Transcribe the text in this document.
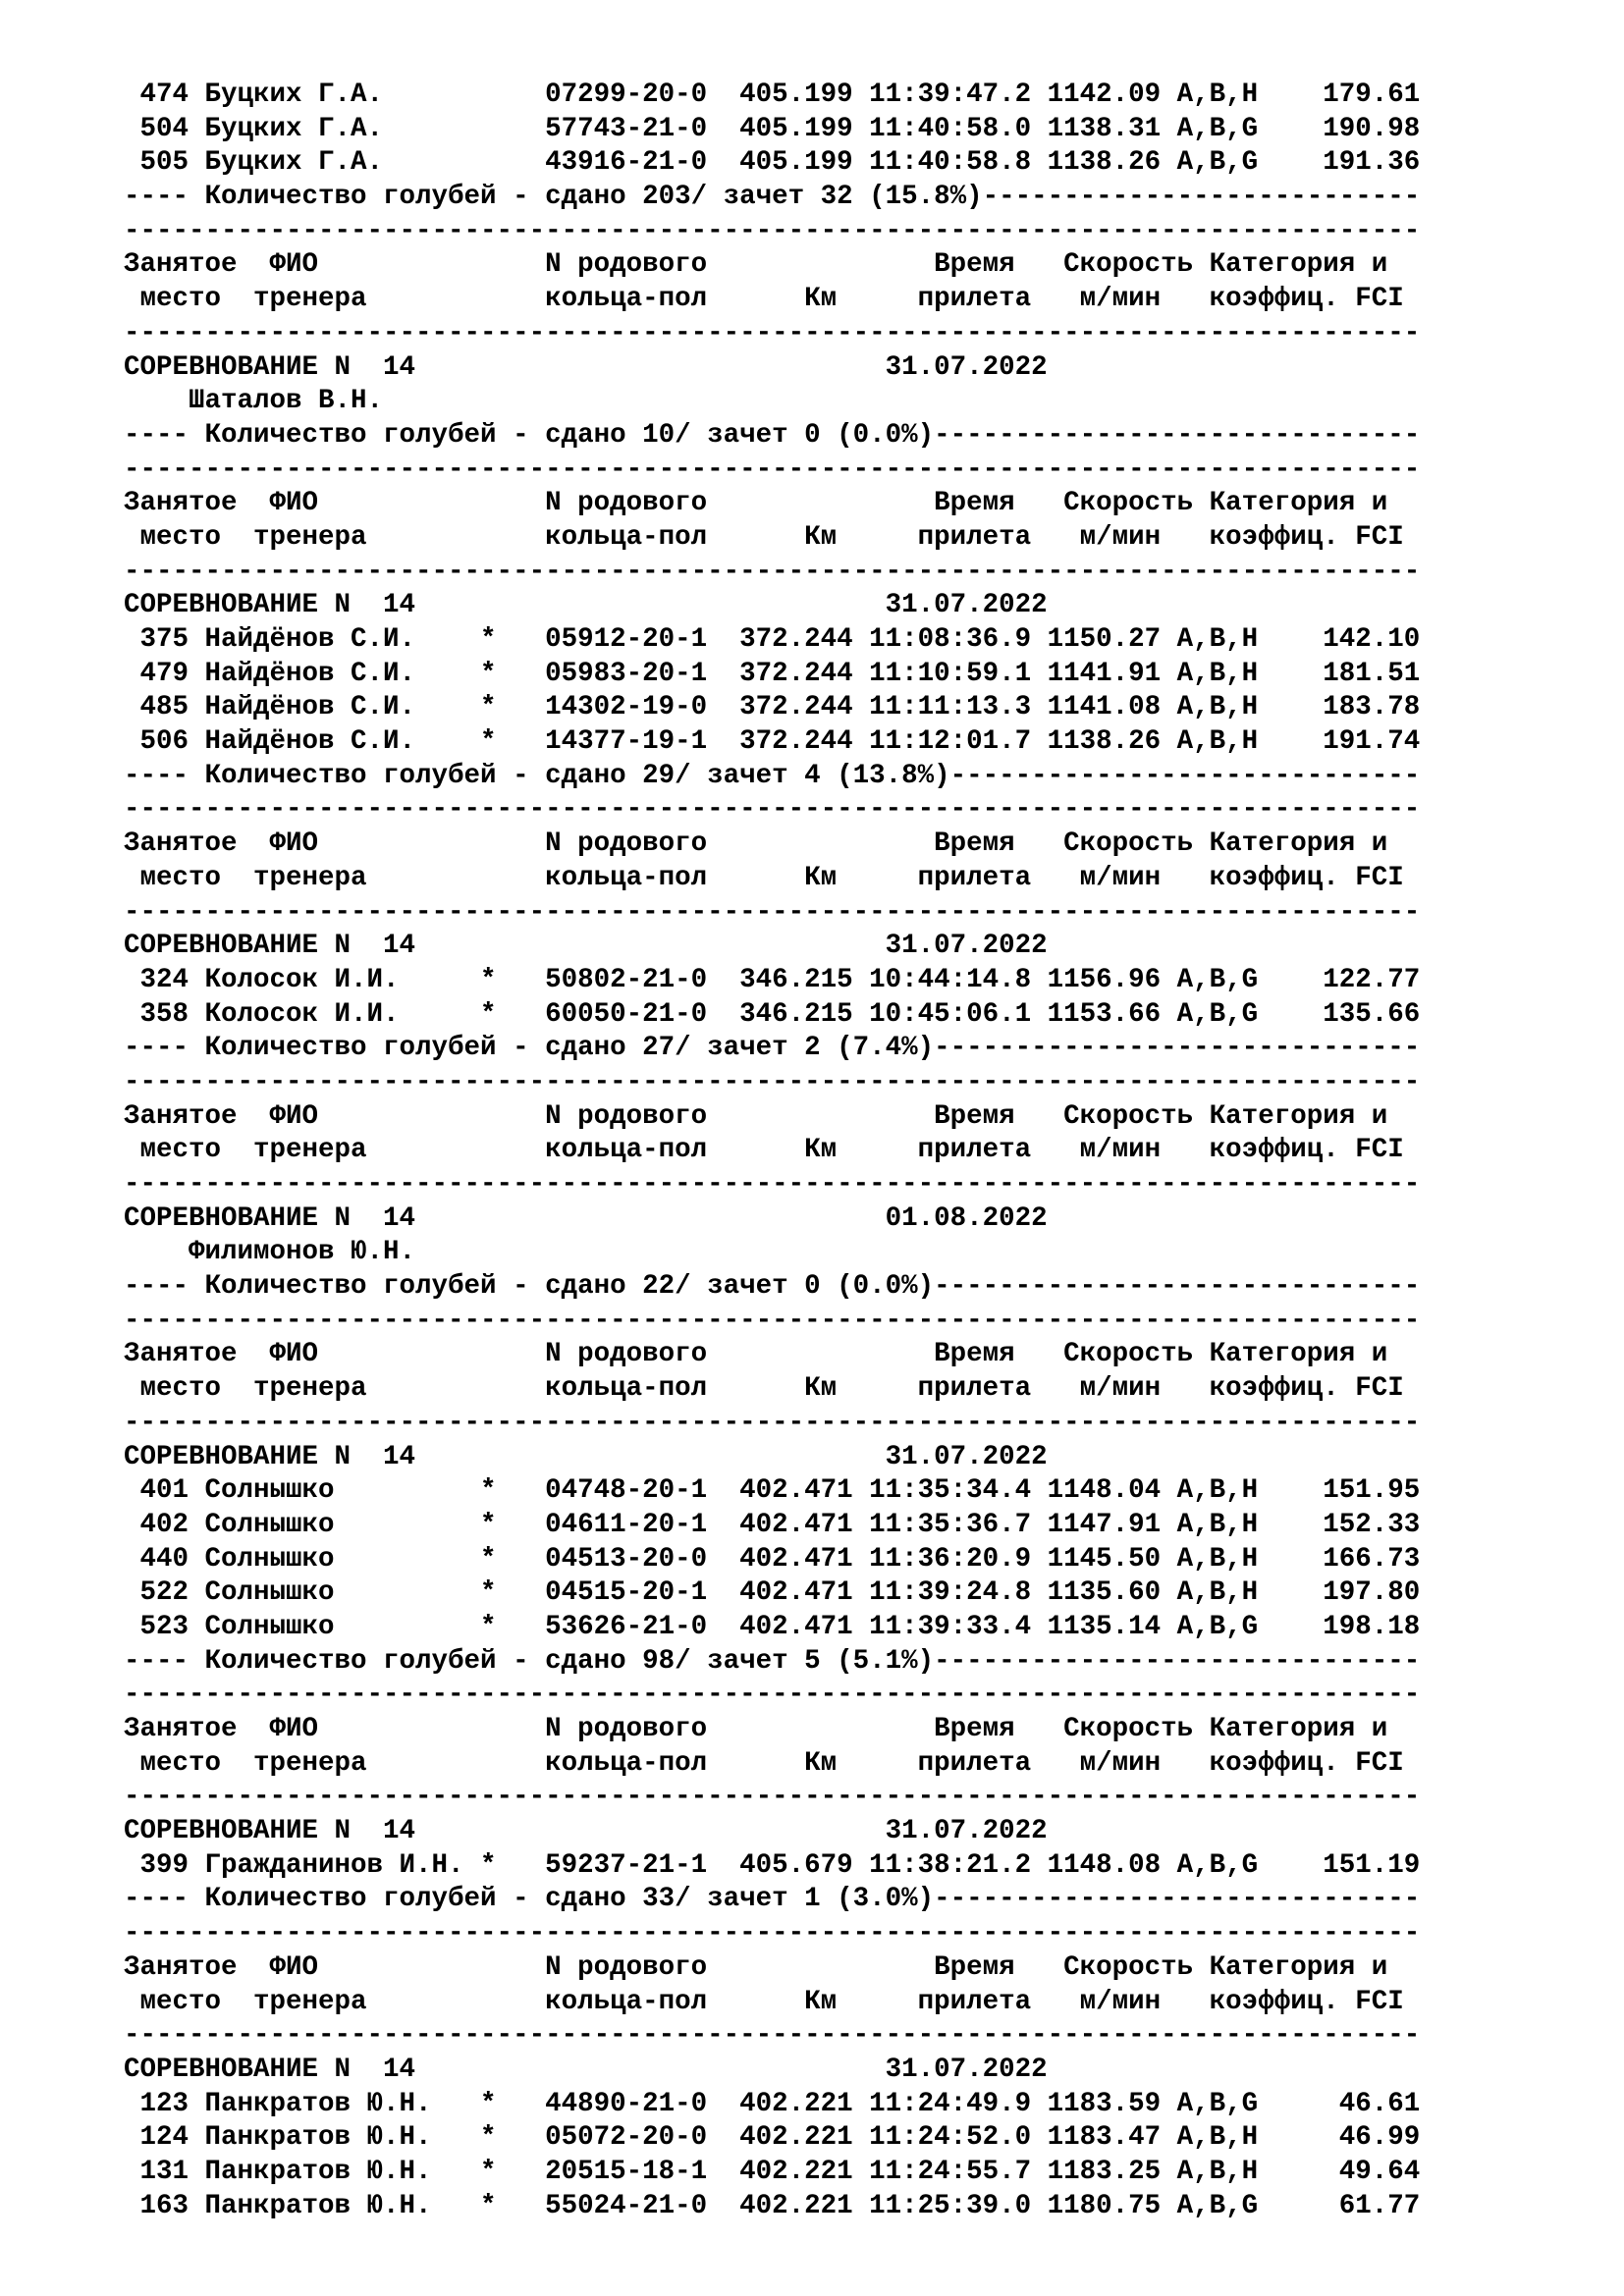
474 Буцких Г.А.          07299-20-0  405.199 11:39:47.2 1142.09 A,B,H    179.61
504 Буцких Г.А.          57743-21-0  405.199 11:40:58.0 1138.31 A,B,G    190.98
505 Буцких Г.А.          43916-21-0  405.199 11:40:58.8 1138.26 A,B,G    191.36
---- Количество голубей - сдано 203/ зачет 32 (15.8%)---------------------------
--------------------------------------------------------------------------------
Занятое  ФИО              N родового              Время   Скорость Категория и
место  тренера           кольца-пол      Км     прилета   м/мин   коэффиц. FCI
--------------------------------------------------------------------------------
СОРЕВНОВАНИЕ N  14                             31.07.2022
Шаталов В.Н.
---- Количество голубей - сдано 10/ зачет 0 (0.0%)------------------------------
--------------------------------------------------------------------------------
Занятое  ФИО              N родового              Время   Скорость Категория и
место  тренера           кольца-пол      Км     прилета   м/мин   коэффиц. FCI
--------------------------------------------------------------------------------
СОРЕВНОВАНИЕ N  14                             31.07.2022
375 Найдёнов С.И.    *   05912-20-1  372.244 11:08:36.9 1150.27 A,B,H    142.10
479 Найдёнов С.И.    *   05983-20-1  372.244 11:10:59.1 1141.91 A,B,H    181.51
485 Найдёнов С.И.    *   14302-19-0  372.244 11:11:13.3 1141.08 A,B,H    183.78
506 Найдёнов С.И.    *   14377-19-1  372.244 11:12:01.7 1138.26 A,B,H    191.74
---- Количество голубей - сдано 29/ зачет 4 (13.8%)-----------------------------
--------------------------------------------------------------------------------
Занятое  ФИО              N родового              Время   Скорость Категория и
место  тренера           кольца-пол      Км     прилета   м/мин   коэффиц. FCI
--------------------------------------------------------------------------------
СОРЕВНОВАНИЕ N  14                             31.07.2022
324 Колосок И.И.     *   50802-21-0  346.215 10:44:14.8 1156.96 A,B,G    122.77
358 Колосок И.И.     *   60050-21-0  346.215 10:45:06.1 1153.66 A,B,G    135.66
---- Количество голубей - сдано 27/ зачет 2 (7.4%)------------------------------
--------------------------------------------------------------------------------
Занятое  ФИО              N родового              Время   Скорость Категория и
место  тренера           кольца-пол      Км     прилета   м/мин   коэффиц. FCI
--------------------------------------------------------------------------------
СОРЕВНОВАНИЕ N  14                             01.08.2022
Филимонов Ю.Н.
---- Количество голубей - сдано 22/ зачет 0 (0.0%)------------------------------
--------------------------------------------------------------------------------
Занятое  ФИО              N родового              Время   Скорость Категория и
место  тренера           кольца-пол      Км     прилета   м/мин   коэффиц. FCI
--------------------------------------------------------------------------------
СОРЕВНОВАНИЕ N  14                             31.07.2022
401 Солнышко         *   04748-20-1  402.471 11:35:34.4 1148.04 A,B,H    151.95
402 Солнышко         *   04611-20-1  402.471 11:35:36.7 1147.91 A,B,H    152.33
440 Солнышко         *   04513-20-0  402.471 11:36:20.9 1145.50 A,B,H    166.73
522 Солнышко         *   04515-20-1  402.471 11:39:24.8 1135.60 A,B,H    197.80
523 Солнышко         *   53626-21-0  402.471 11:39:33.4 1135.14 A,B,G    198.18
---- Количество голубей - сдано 98/ зачет 5 (5.1%)------------------------------
--------------------------------------------------------------------------------
Занятое  ФИО              N родового              Время   Скорость Категория и
место  тренера           кольца-пол      Км     прилета   м/мин   коэффиц. FCI
--------------------------------------------------------------------------------
СОРЕВНОВАНИЕ N  14                             31.07.2022
399 Гражданинов И.Н. *   59237-21-1  405.679 11:38:21.2 1148.08 A,B,G    151.19
---- Количество голубей - сдано 33/ зачет 1 (3.0%)------------------------------
--------------------------------------------------------------------------------
Занятое  ФИО              N родового              Время   Скорость Категория и
место  тренера           кольца-пол      Км     прилета   м/мин   коэффиц. FCI
--------------------------------------------------------------------------------
СОРЕВНОВАНИЕ N  14                             31.07.2022
123 Панкратов Ю.Н.   *   44890-21-0  402.221 11:24:49.9 1183.59 A,B,G     46.61
124 Панкратов Ю.Н.   *   05072-20-0  402.221 11:24:52.0 1183.47 A,B,H     46.99
131 Панкратов Ю.Н.   *   20515-18-1  402.221 11:24:55.7 1183.25 A,B,H     49.64
163 Панкратов Ю.Н.   *   55024-21-0  402.221 11:25:39.0 1180.75 A,B,G     61.77
